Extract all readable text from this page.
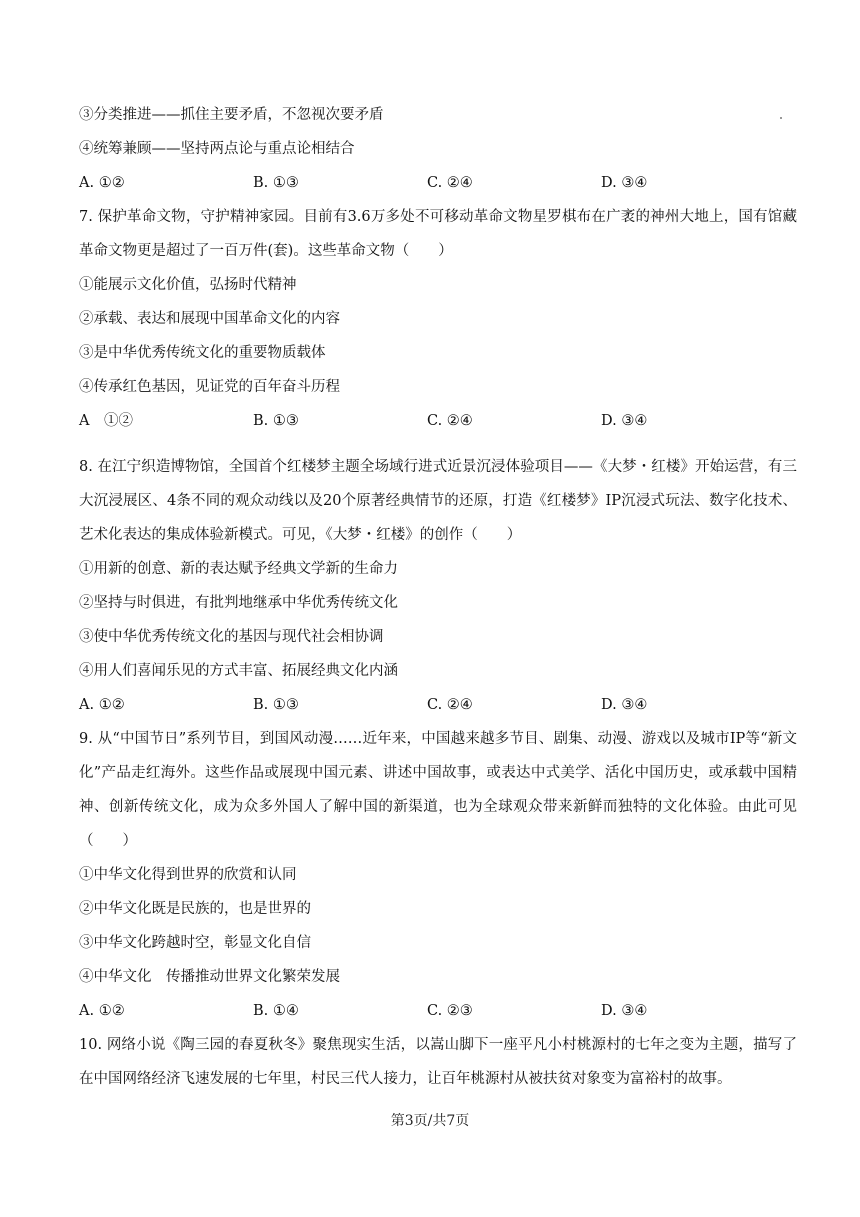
③分类推进——抓住主要矛盾，不忽视次要矛盾
④统筹兼顾——坚持两点论与重点论相结合
A. ①②	B. ①③	C. ②④	D. ③④
7. 保护革命文物，守护精神家园。目前有3.6万多处不可移动革命文物星罗棋布在广袤的神州大地上，国有馆藏革命文物更是超过了一百万件(套)。这些革命文物（　　）
①能展示文化价值，弘扬时代精神
②承载、表达和展现中国革命文化的内容
③是中华优秀传统文化的重要物质载体
④传承红色基因，见证党的百年奋斗历程
A　①②	B. ①③	C. ②④	D. ③④
8. 在江宁织造博物馆，全国首个红楼梦主题全场域行进式近景沉浸体验项目——《大梦・红楼》开始运营，有三大沉浸展区、4条不同的观众动线以及20个原著经典情节的还原，打造《红楼梦》IP沉浸式玩法、数字化技术、艺术化表达的集成体验新模式。可见，《大梦・红楼》的创作（　　）
①用新的创意、新的表达赋予经典文学新的生命力
②坚持与时俱进，有批判地继承中华优秀传统文化
③使中华优秀传统文化的基因与现代社会相协调
④用人们喜闻乐见的方式丰富、拓展经典文化内涵
A. ①②	B. ①③	C. ②④	D. ③④
9. 从“中国节日”系列节目，到国风动漫……近年来，中国越来越多节目、剧集、动漫、游戏以及城市IP等“新文化”产品走红海外。这些作品或展现中国元素、讲述中国故事，或表达中式美学、活化中国历史，或承载中国精神、创新传统文化，成为众多外国人了解中国的新渠道，也为全球观众带来新鲜而独特的文化体验。由此可见（　　）
①中华文化得到世界的欣赏和认同
②中华文化既是民族的，也是世界的
③中华文化跨越时空，彰显文化自信
④中华文化　传播推动世界文化繁荣发展
A. ①②	B. ①④	C. ②③	D. ③④
10. 网络小说《陶三园的春夏秋冬》聚焦现实生活，以嵩山脚下一座平凡小村桃源村的七年之变为主题，描写了在中国网络经济飞速发展的七年里，村民三代人接力，让百年桃源村从被扶贫对象变为富裕村的故事。
第3页/共7页
